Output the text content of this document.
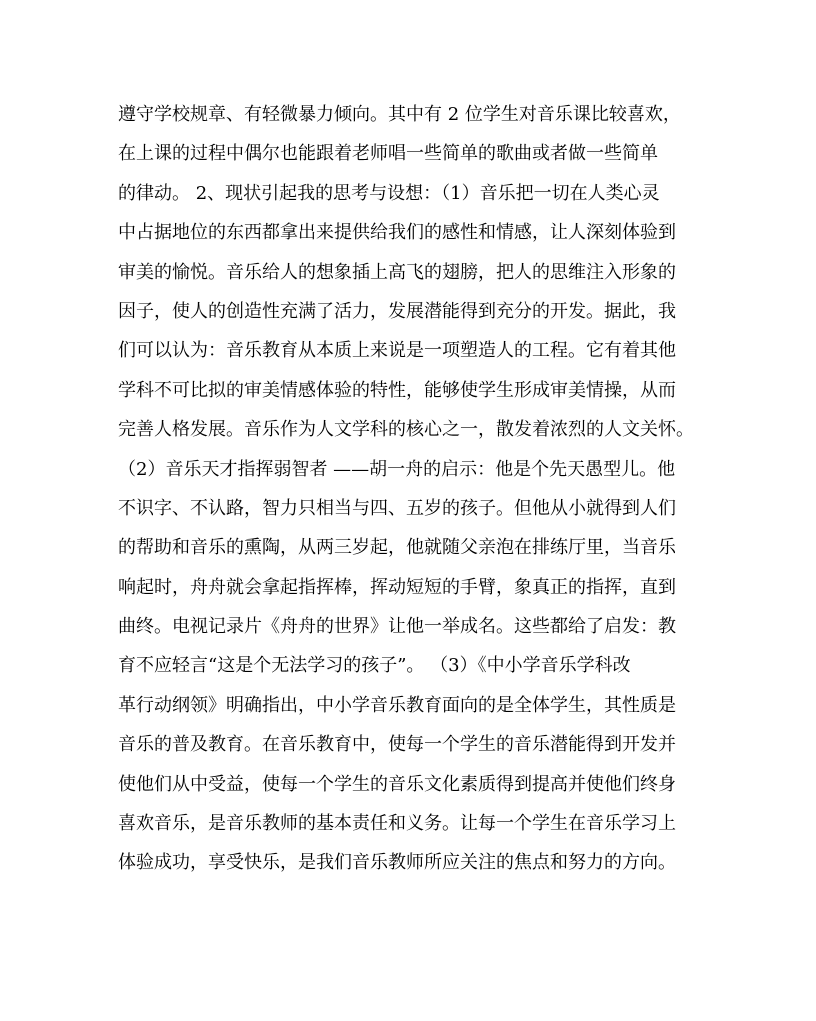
遵守学校规章、有轻微暴力倾向。其中有 2 位学生对音乐课比较喜欢，
在上课的过程中偶尔也能跟着老师唱一些简单的歌曲或者做一些简单
的律动。 2、现状引起我的思考与设想：（1）音乐把一切在人类心灵
中占据地位的东西都拿出来提供给我们的感性和情感，让人深刻体验到
审美的愉悦。音乐给人的想象插上高飞的翅膀，把人的思维注入形象的
因子，使人的创造性充满了活力，发展潜能得到充分的开发。据此，我
们可以认为：音乐教育从本质上来说是一项塑造人的工程。它有着其他
学科不可比拟的审美情感体验的特性，能够使学生形成审美情操，从而
完善人格发展。音乐作为人文学科的核心之一，散发着浓烈的人文关怀。
（2）音乐天才指挥弱智者 ——胡一舟的启示：他是个先天愚型儿。他
不识字、不认路，智力只相当与四、五岁的孩子。但他从小就得到人们
的帮助和音乐的熏陶，从两三岁起，他就随父亲泡在排练厅里，当音乐
响起时，舟舟就会拿起指挥棒，挥动短短的手臂，象真正的指挥，直到
曲终。电视记录片《舟舟的世界》让他一举成名。这些都给了启发：教
育不应轻言“这是个无法学习的孩子”。 （3）《中小学音乐学科改
革行动纲领》明确指出，中小学音乐教育面向的是全体学生，其性质是
音乐的普及教育。在音乐教育中，使每一个学生的音乐潜能得到开发并
使他们从中受益，使每一个学生的音乐文化素质得到提高并使他们终身
喜欢音乐，是音乐教师的基本责任和义务。让每一个学生在音乐学习上
体验成功，享受快乐，是我们音乐教师所应关注的焦点和努力的方向。
